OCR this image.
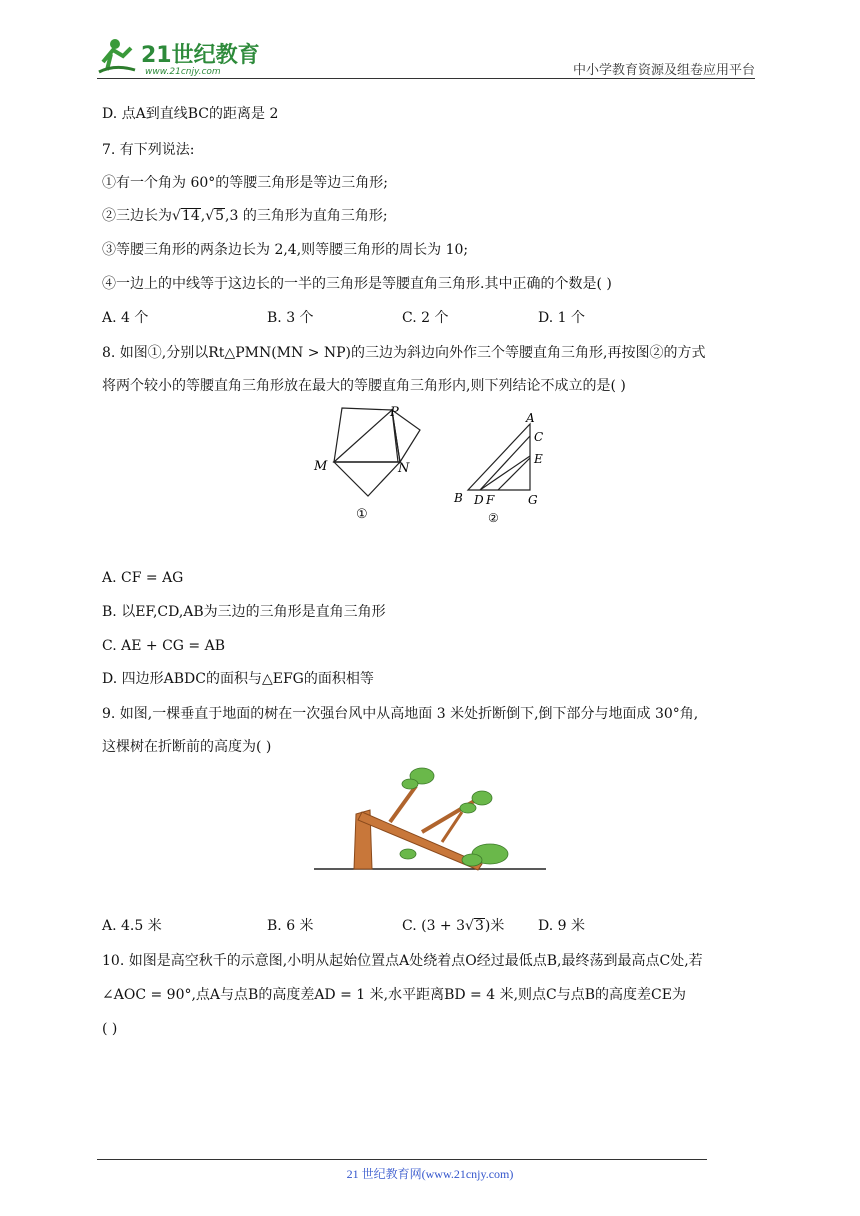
21世纪教育
www.21cnjy.com	中小学教育资源及组卷应用平台
D. 点A到直线BC的距离是 2
7. 有下列说法:
①有一个角为 60°的等腰三角形是等边三角形;
②三边长为√14,√5,3 的三角形为直角三角形;
③等腰三角形的两条边长为 2,4,则等腰三角形的周长为 10;
④一边上的中线等于这边长的一半的三角形是等腰直角三角形.其中正确的个数是( )
A. 4 个	B. 3 个	C. 2 个	D. 1 个
8. 如图①,分别以Rt△PMN(MN > NP)的三边为斜边向外作三个等腰直角三角形,再按图②的方式
将两个较小的等腰直角三角形放在最大的等腰直角三角形内,则下列结论不成立的是( )
P
M	N
①
A
C
E
B D F	G
②
A. CF = AG
B. 以EF,CD,AB为三边的三角形是直角三角形
C. AE + CG = AB
D. 四边形ABDC的面积与△EFG的面积相等
9. 如图,一棵垂直于地面的树在一次强台风中从高地面 3 米处折断倒下,倒下部分与地面成 30°角,
这棵树在折断前的高度为( )
A. 4.5 米	B. 6 米	C. (3 + 3√3)米 D. 9 米
10. 如图是高空秋千的示意图,小明从起始位置点A处绕着点O经过最低点B,最终荡到最高点C处,若
∠AOC = 90°,点A与点B的高度差AD = 1 米,水平距离BD = 4 米,则点C与点B的高度差CE为
( )
21 世纪教育网(www.21cnjy.com)
